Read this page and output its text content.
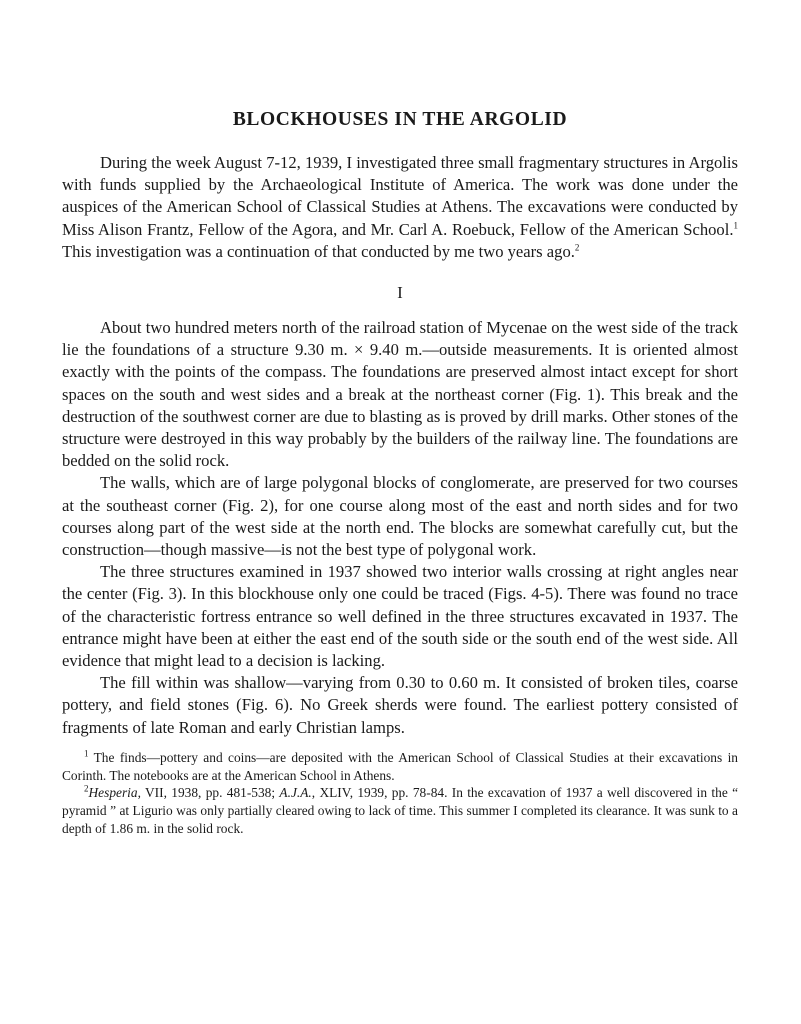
BLOCKHOUSES IN THE ARGOLID

During the week August 7-12, 1939, I investigated three small fragmentary structures in Argolis with funds supplied by the Archaeological Institute of America. The work was done under the auspices of the American School of Classical Studies at Athens. The excavations were conducted by Miss Alison Frantz, Fellow of the Agora, and Mr. Carl A. Roebuck, Fellow of the American School.$^1$ This investigation was a continuation of that conducted by me two years ago.$^2$

I

About two hundred meters north of the railroad station of Mycenae on the west side of the track lie the foundations of a structure 9.30 m. × 9.40 m.—outside measurements. It is oriented almost exactly with the points of the compass. The foundations are preserved almost intact except for short spaces on the south and west sides and a break at the northeast corner (Fig. 1). This break and the destruction of the southwest corner are due to blasting as is proved by drill marks. Other stones of the structure were destroyed in this way probably by the builders of the railway line. The foundations are bedded on the solid rock.

The walls, which are of large polygonal blocks of conglomerate, are preserved for two courses at the southeast corner (Fig. 2), for one course along most of the east and north sides and for two courses along part of the west side at the north end. The blocks are somewhat carefully cut, but the construction—though massive—is not the best type of polygonal work.

The three structures examined in 1937 showed two interior walls crossing at right angles near the center (Fig. 3). In this blockhouse only one could be traced (Figs. 4-5). There was found no trace of the characteristic fortress entrance so well defined in the three structures excavated in 1937. The entrance might have been at either the east end of the south side or the south end of the west side. All evidence that might lead to a decision is lacking.

The fill within was shallow—varying from 0.30 to 0.60 m. It consisted of broken tiles, coarse pottery, and field stones (Fig. 6). No Greek sherds were found. The earliest pottery consisted of fragments of late Roman and early Christian lamps.

$^1$ The finds—pottery and coins—are deposited with the American School of Classical Studies at their excavations in Corinth. The notebooks are at the American School in Athens.

$^2$Hesperia, VII, 1938, pp. 481-538; A.J.A., XLIV, 1939, pp. 78-84. In the excavation of 1937 a well discovered in the “ pyramid ” at Ligurio was only partially cleared owing to lack of time. This summer I completed its clearance. It was sunk to a depth of 1.86 m. in the solid rock.
